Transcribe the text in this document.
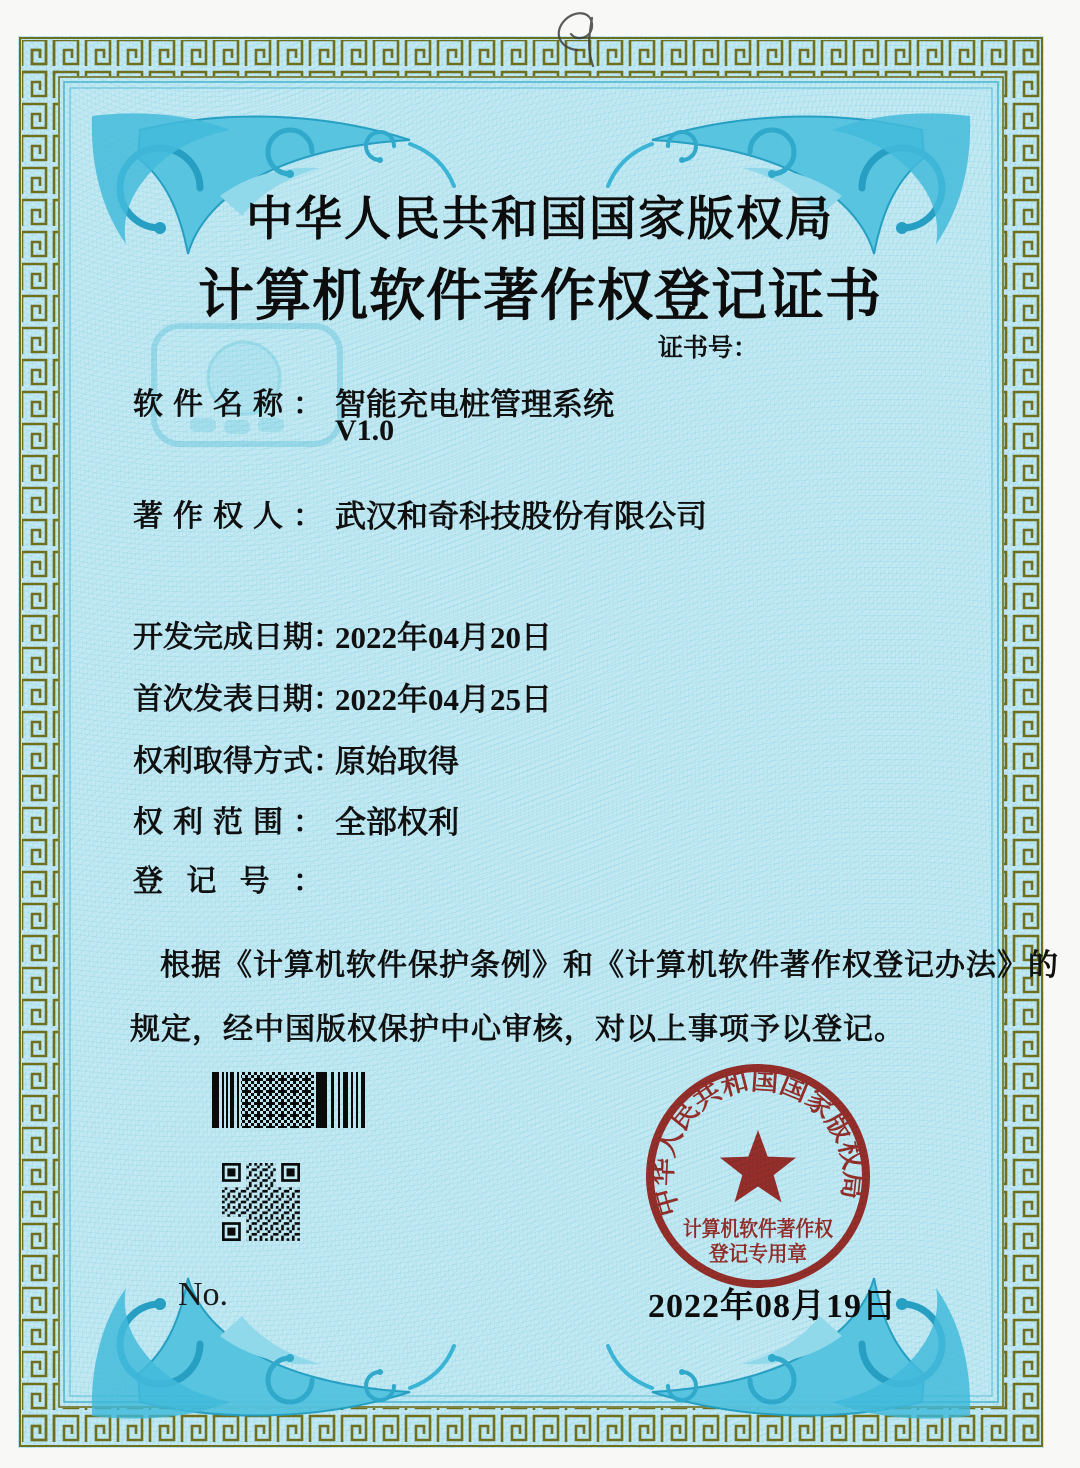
中华人民共和国国家版权局
计算机软件著作权登记证书
证书号：
软件名称： 智能充电桩管理系统
V1.0
著作权人： 武汉和奇科技股份有限公司
开发完成日期：2022年04月20日
首次发表日期：2022年04月25日
权利取得方式：原始取得
权利范围： 全部权利
登记号：
根据《计算机软件保护条例》和《计算机软件著作权登记办法》的
规定，经中国版权保护中心审核，对以上事项予以登记。
No.
中华人民共和国国家版权局
计算机软件著作权
登记专用章
2022年08月19日
